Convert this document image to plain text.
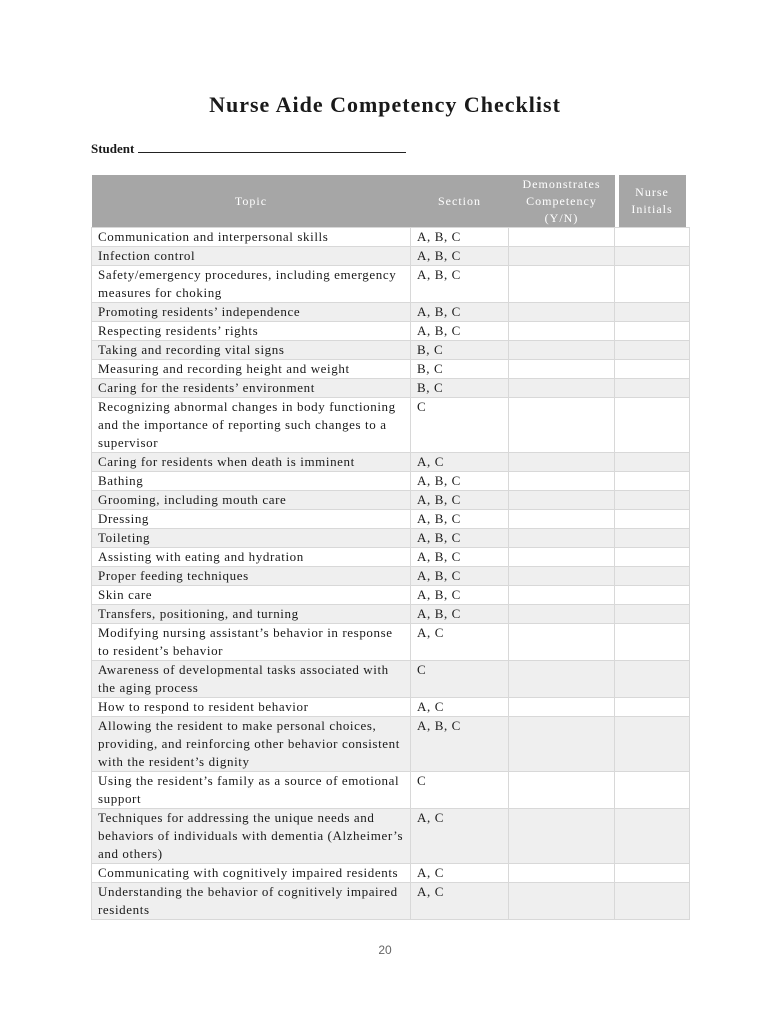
Nurse Aide Competency Checklist
Student
Topic	Section	Demonstrates Competency (Y/N)	Nurse Initials
Communication and interpersonal skills	A, B, C		
Infection control	A, B, C		
Safety/emergency procedures, including emergency measures for choking	A, B, C		
Promoting residents’ independence	A, B, C		
Respecting residents’ rights	A, B, C		
Taking and recording vital signs	B, C		
Measuring and recording height and weight	B, C		
Caring for the residents’ environment	B, C		
Recognizing abnormal changes in body functioning and the importance of reporting such changes to a supervisor	C		
Caring for residents when death is imminent	A, C		
Bathing	A, B, C		
Grooming, including mouth care	A, B, C		
Dressing	A, B, C		
Toileting	A, B, C		
Assisting with eating and hydration	A, B, C		
Proper feeding techniques	A, B, C		
Skin care	A, B, C		
Transfers, positioning, and turning	A, B, C		
Modifying nursing assistant’s behavior in response to resident’s behavior	A, C		
Awareness of developmental tasks associated with the aging process	C		
How to respond to resident behavior	A, C		
Allowing the resident to make personal choices, providing, and reinforcing other behavior consistent with the resident’s dignity	A, B, C		
Using the resident’s family as a source of emotional support	C		
Techniques for addressing the unique needs and behaviors of individuals with dementia (Alzheimer’s and others)	A, C		
Communicating with cognitively impaired residents	A, C		
Understanding the behavior of cognitively impaired residents	A, C		
20
